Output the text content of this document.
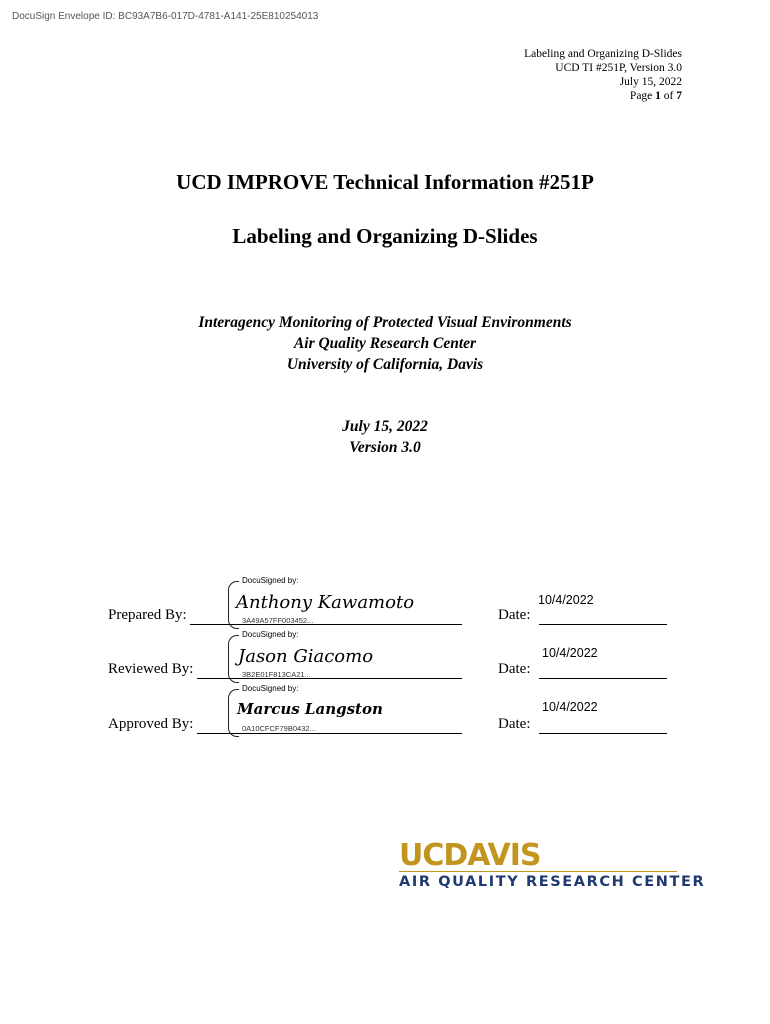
DocuSign Envelope ID: BC93A7B6-017D-4781-A141-25E810254013
Labeling and Organizing D-Slides
UCD TI #251P, Version 3.0
July 15, 2022
Page 1 of 7
UCD IMPROVE Technical Information #251P
Labeling and Organizing D-Slides
Interagency Monitoring of Protected Visual Environments
Air Quality Research Center
University of California, Davis
July 15, 2022
Version 3.0
Prepared By:
DocuSigned by:
Anthony Kawamoto
3A49A57FF003452...	Date:
10/4/2022
Reviewed By:
DocuSigned by:
Jason Giacomo
3B2E01F813CA21...	Date:
10/4/2022
Approved By:
DocuSigned by:
Marcus Langston
0A10CFCF79B0432...	Date:
10/4/2022
UCDAVIS
AIR QUALITY RESEARCH CENTER
